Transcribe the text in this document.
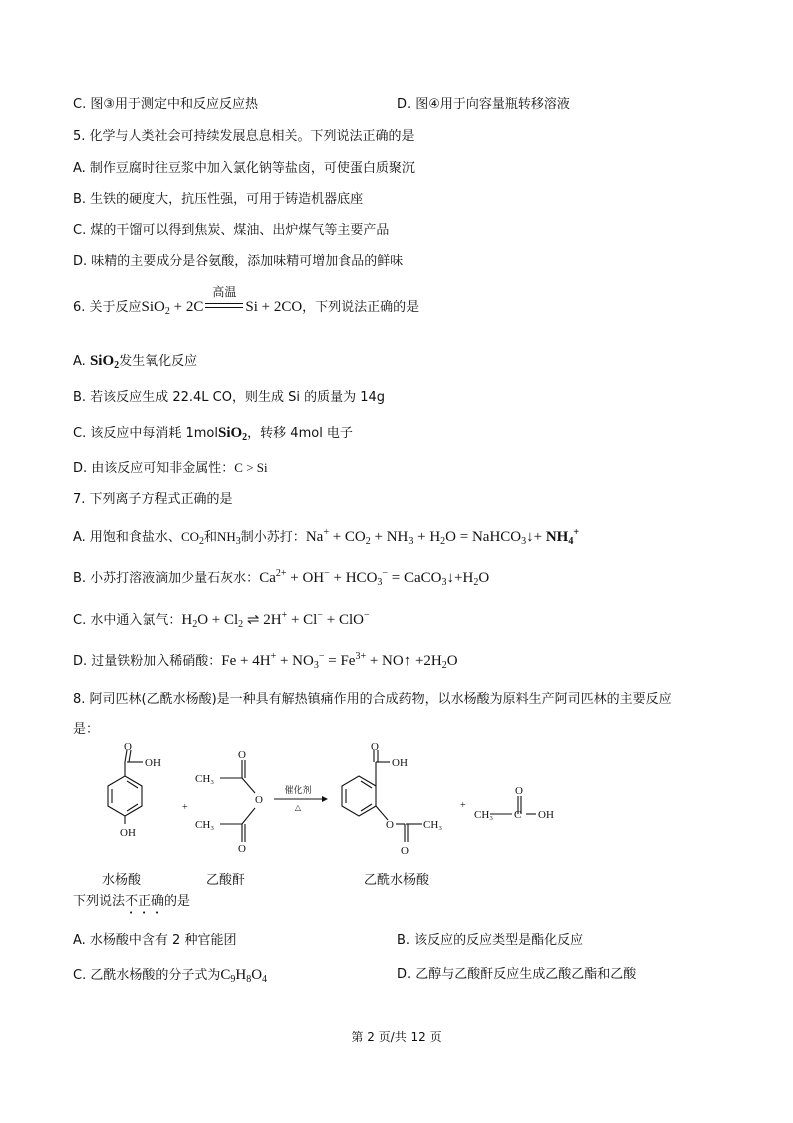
C. 图③用于测定中和反应反应热	D. 图④用于向容量瓶转移溶液
5. 化学与人类社会可持续发展息息相关。下列说法正确的是
A. 制作豆腐时往豆浆中加入氯化钠等盐卤，可使蛋白质聚沉
B. 生铁的硬度大，抗压性强，可用于铸造机器底座
C. 煤的干馏可以得到焦炭、煤油、出炉煤气等主要产品
D. 味精的主要成分是谷氨酸，添加味精可增加食品的鲜味
6. 关于反应SiO$_2$ + 2C
高温
Si + 2CO，下列说法正确的是
A. SiO$_2$发生氧化反应
B. 若该反应生成 22.4L CO，则生成 Si 的质量为 14g
C. 该反应中每消耗 1molSiO$_2$，转移 4mol 电子
D. 由该反应可知非金属性：C > Si
7. 下列离子方程式正确的是
A. 用饱和食盐水、$CO_2$和$NH_3$制小苏打：$Na^+ + CO_2 + NH_3 + H_2O$ = NaHCO$_3$↓+ $NH_4^+$
B. 小苏打溶液滴加少量石灰水：$Ca^{2+} + OH^- + HCO_3^-$ = $CaCO_3↓+H_2O$
C. 水中通入氯气：$H_2O + Cl_2$ ⇌ 2H+ + Cl− + ClO−
D. 过量铁粉加入稀硝酸：$Fe + 4H^+ + NO_3^- = Fe^{3+}$ + NO↑ $+2H_2O$
8. 阿司匹林(乙酰水杨酸)是一种具有解热镇痛作用的合成药物，以水杨酸为原料生产阿司匹林的主要反应
是：
O
OH
OH
+
CH₃
O
O
CH₃
O
O
OH
O
O
CH₃
+
CH₃ C
O
OH
催化剂
△
水杨酸	乙酸酐	乙酰水杨酸
下列说法不正确的是
A. 水杨酸中含有 2 种官能团	B. 该反应的反应类型是酯化反应
C. 乙酰水杨酸的分子式为$C_9H_8O_4$	D. 乙醇与乙酸酐反应生成乙酸乙酯和乙酸
第 2 页/共 12 页
